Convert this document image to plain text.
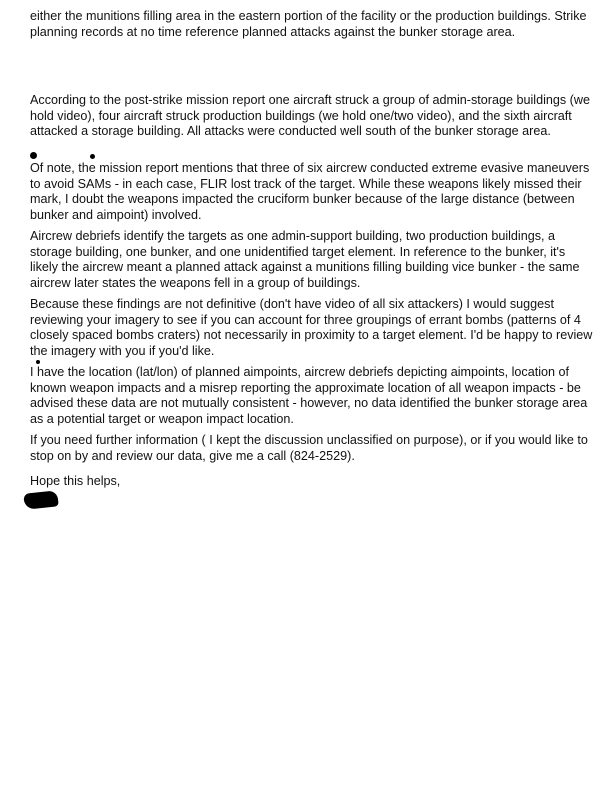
either the munitions filling area in the eastern portion of the facility or the production buildings. Strike
planning records at no time reference planned attacks against the bunker storage area.
According to the post-strike mission report one aircraft struck a group of admin-storage buildings (we
hold video), four aircraft struck production buildings (we hold one/two video), and the sixth aircraft
attacked a storage building. All attacks were conducted well south of the bunker storage area.
Of note, the mission report mentions that three of six aircrew conducted extreme evasive maneuvers
to avoid SAMs - in each case, FLIR lost track of the target. While these weapons likely missed their
mark, I doubt the weapons impacted the cruciform bunker because of the large distance (between
bunker and aimpoint) involved.
Aircrew debriefs identify the targets as one admin-support building, two production buildings, a
storage building, one bunker, and one unidentified target element. In reference to the bunker, it's
likely the aircrew meant a planned attack against a munitions filling building vice bunker - the same
aircrew later states the weapons fell in a group of buildings.
Because these findings are not definitive (don't have video of all six attackers) I would suggest
reviewing your imagery to see if you can account for three groupings of errant bombs (patterns of 4
closely spaced bombs craters) not necessarily in proximity to a target element. I'd be happy to review
the imagery with you if you'd like.
I have the location (lat/lon) of planned aimpoints, aircrew debriefs depicting aimpoints, location of
known weapon impacts and a misrep reporting the approximate location of all weapon impacts - be
advised these data are not mutually consistent - however, no data identified the bunker storage area
as a potential target or weapon impact location.
If you need further information ( I kept the discussion unclassified on purpose), or if you would like to
stop on by and review our data, give me a call (824-2529).
Hope this helps,
